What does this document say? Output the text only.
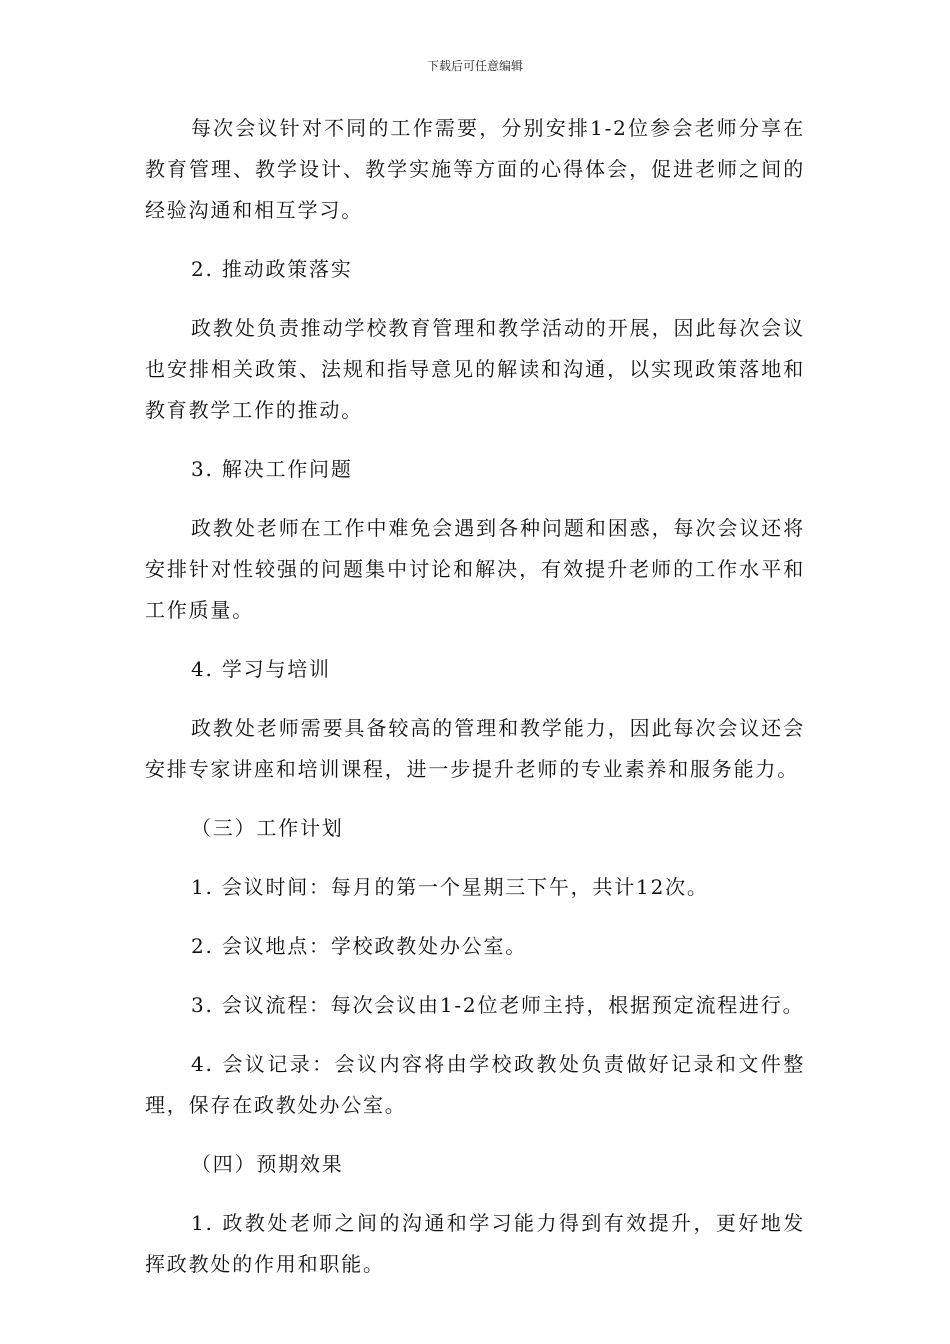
下载后可任意编辑

每次会议针对不同的工作需要，分别安排1-2位参会老师分享在教育管理、教学设计、教学实施等方面的心得体会，促进老师之间的经验沟通和相互学习。

2. 推动政策落实

政教处负责推动学校教育管理和教学活动的开展，因此每次会议也安排相关政策、法规和指导意见的解读和沟通，以实现政策落地和教育教学工作的推动。

3. 解决工作问题

政教处老师在工作中难免会遇到各种问题和困惑，每次会议还将安排针对性较强的问题集中讨论和解决，有效提升老师的工作水平和工作质量。

4. 学习与培训

政教处老师需要具备较高的管理和教学能力，因此每次会议还会安排专家讲座和培训课程，进一步提升老师的专业素养和服务能力。

（三）工作计划

1. 会议时间：每月的第一个星期三下午，共计12次。

2. 会议地点：学校政教处办公室。

3. 会议流程：每次会议由1-2位老师主持，根据预定流程进行。

4. 会议记录：会议内容将由学校政教处负责做好记录和文件整理，保存在政教处办公室。

（四）预期效果

1. 政教处老师之间的沟通和学习能力得到有效提升，更好地发挥政教处的作用和职能。
